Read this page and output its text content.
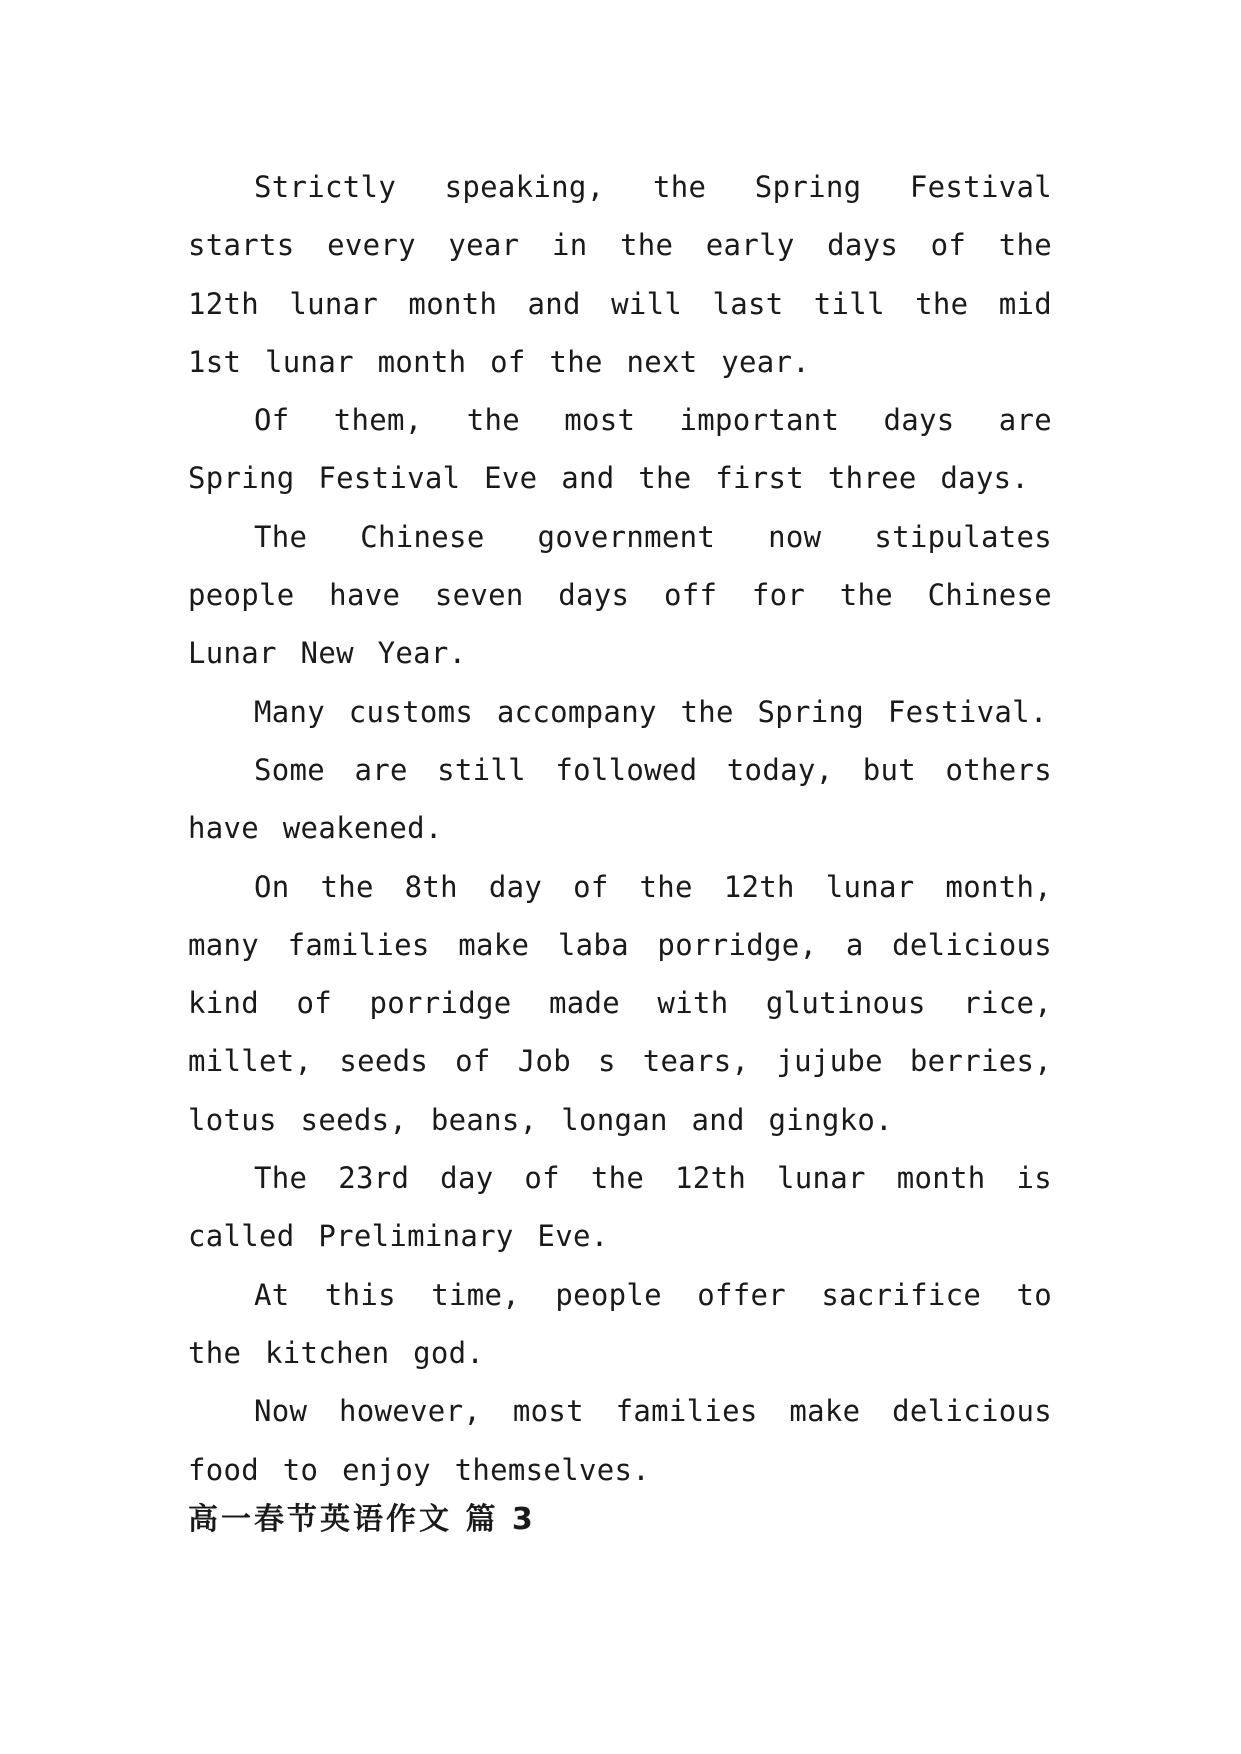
Strictly speaking, the Spring Festival starts every year in the early days of the 12th lunar month and will last till the mid 1st lunar month of the next year.

Of them, the most important days are Spring Festival Eve and the first three days.

The Chinese government now stipulates people have seven days off for the Chinese Lunar New Year.

Many customs accompany the Spring Festival.

Some are still followed today, but others have weakened.

On the 8th day of the 12th lunar month, many families make laba porridge, a delicious kind of porridge made with glutinous rice, millet, seeds of Job s tears, jujube berries, lotus seeds, beans, longan and gingko.

The 23rd day of the 12th lunar month is called Preliminary Eve.

At this time, people offer sacrifice to the kitchen god.

Now however, most families make delicious food to enjoy themselves.

高一春节英语作文 篇 3
